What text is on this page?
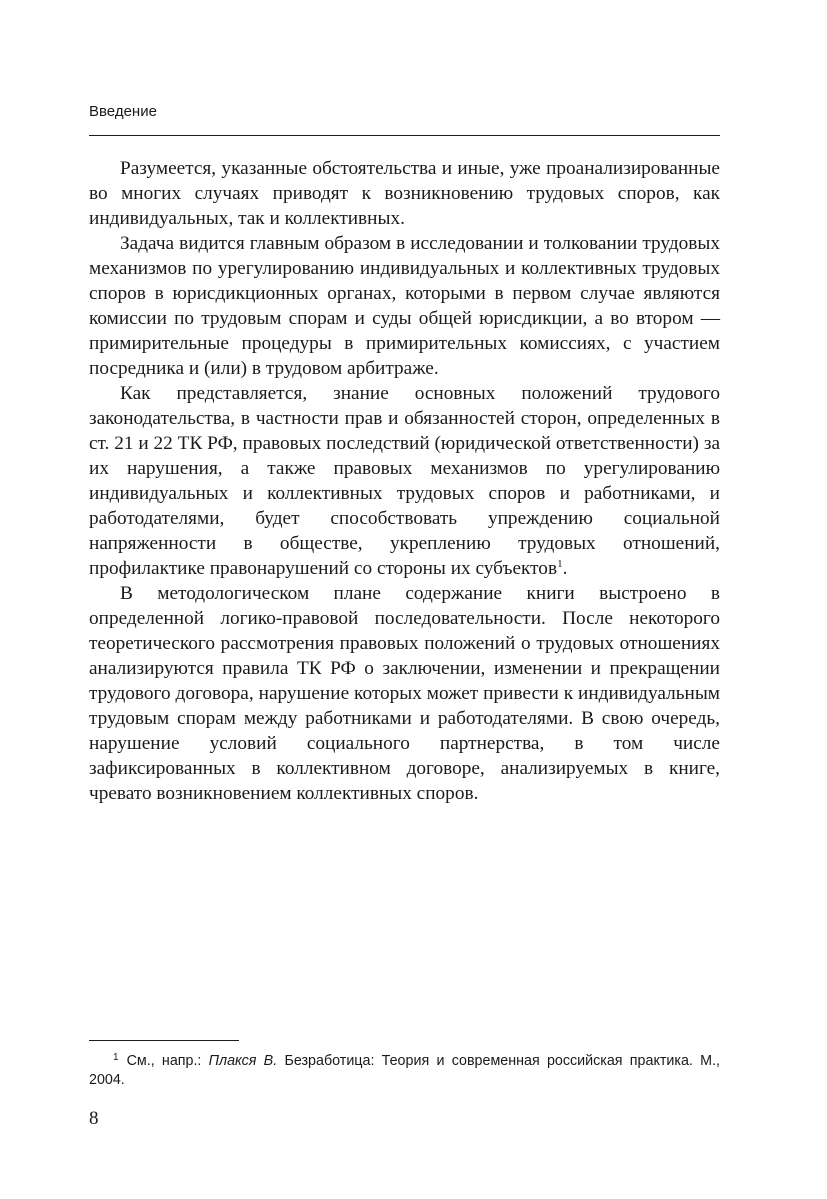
Введение

Разумеется, указанные обстоятельства и иные, уже проанализированные во многих случаях приводят к возникновению трудовых споров, как индивидуальных, так и коллективных.

Задача видится главным образом в исследовании и толковании трудовых механизмов по урегулированию индивидуальных и коллективных трудовых споров в юрисдикционных органах, которыми в первом случае являются комиссии по трудовым спорам и суды общей юрисдикции, а во втором — примирительные процедуры в примирительных комиссиях, с участием посредника и (или) в трудовом арбитраже.

Как представляется, знание основных положений трудового законодательства, в частности прав и обязанностей сторон, определенных в ст. 21 и 22 ТК РФ, правовых последствий (юридической ответственности) за их нарушения, а также правовых механизмов по урегулированию индивидуальных и коллективных трудовых споров и работниками, и работодателями, будет способствовать упреждению социальной напряженности в обществе, укреплению трудовых отношений, профилактике правонарушений со стороны их субъектов$^1$.

В методологическом плане содержание книги выстроено в определенной логико-правовой последовательности. После некоторого теоретического рассмотрения правовых положений о трудовых отношениях анализируются правила ТК РФ о заключении, изменении и прекращении трудового договора, нарушение которых может привести к индивидуальным трудовым спорам между работниками и работодателями. В свою очередь, нарушение условий социального партнерства, в том числе зафиксированных в коллективном договоре, анализируемых в книге, чревато возникновением коллективных споров.

$^1$ См., напр.: Плакся В. Безработица: Теория и современная российская практика. М., 2004.
8
